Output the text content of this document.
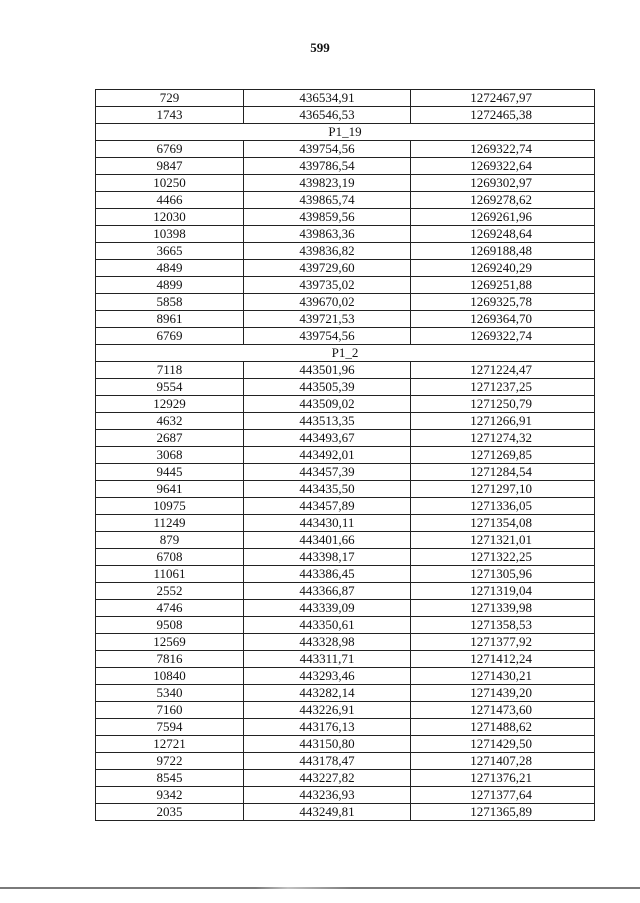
599
729	436534,91	1272467,97
1743	436546,53	1272465,38
P1_19		
6769	439754,56	1269322,74
9847	439786,54	1269322,64
10250	439823,19	1269302,97
4466	439865,74	1269278,62
12030	439859,56	1269261,96
10398	439863,36	1269248,64
3665	439836,82	1269188,48
4849	439729,60	1269240,29
4899	439735,02	1269251,88
5858	439670,02	1269325,78
8961	439721,53	1269364,70
6769	439754,56	1269322,74
P1_2		
7118	443501,96	1271224,47
9554	443505,39	1271237,25
12929	443509,02	1271250,79
4632	443513,35	1271266,91
2687	443493,67	1271274,32
3068	443492,01	1271269,85
9445	443457,39	1271284,54
9641	443435,50	1271297,10
10975	443457,89	1271336,05
11249	443430,11	1271354,08
879	443401,66	1271321,01
6708	443398,17	1271322,25
11061	443386,45	1271305,96
2552	443366,87	1271319,04
4746	443339,09	1271339,98
9508	443350,61	1271358,53
12569	443328,98	1271377,92
7816	443311,71	1271412,24
10840	443293,46	1271430,21
5340	443282,14	1271439,20
7160	443226,91	1271473,60
7594	443176,13	1271488,62
12721	443150,80	1271429,50
9722	443178,47	1271407,28
8545	443227,82	1271376,21
9342	443236,93	1271377,64
2035	443249,81	1271365,89
